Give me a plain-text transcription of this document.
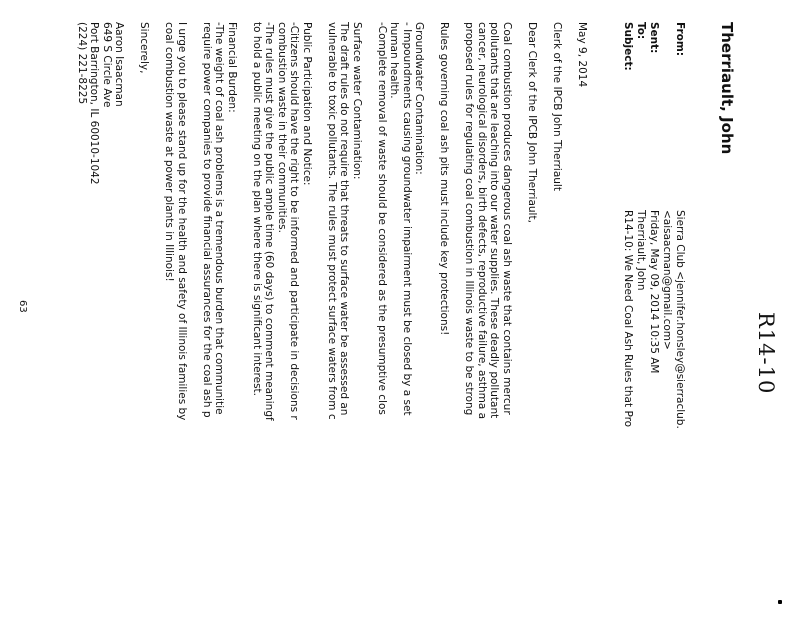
R14-10
Therriault, John
From:
Sierra Club <jennifer.honsley@sierraclub.
<aisaacman@gmail.com>
Sent:
Friday, May 09, 2014 10:35 AM
To:
Therriault, John
Subject:
R14-10: We Need Coal Ash Rules that Pro

May 9, 2014

Clerk of the IPCB John Therriault

Dear Clerk of the IPCB John Therriault,

Coal combustion produces dangerous coal ash waste that contains mercur
pollutants that are leaching into our water supplies. These deadly pollutant
cancer, neurological disorders, birth defects, reproductive failure, asthma a
proposed rules for regulating coal combustion in Illinois waste to be strong

Rules governing coal ash pits must include key protections!

Groundwater Contamination:
- Impoundments causing groundwater impairment must be closed by a set
human health.
-Complete removal of waste should be considered as the presumptive clos
Surface water Contamination:
The draft rules do not require that threats to surface water be assessed an
vulnerable to toxic pollutants. The rules must protect surface waters from c
Public Participation and Notice:
-Citizens should have the right to be informed and participate in decisions r
combustion waste in their communities.
-The rules must give the public ample time (60 days) to comment meaningf
to hold a public meeting on the plan where there is significant interest.
Financial Burden:
-The weight of coal ash problems is a tremendous burden that communitie
require power companies to provide financial assurances for the coal ash p
I urge you to please stand up for the health and safety of Illinois families by
coal combustion waste at power plants in Illinois!

Sincerely,

Aaron Isaacman
649 S Circle Ave
Port Barrington, IL 60010-1042
(224) 221-8225
63
